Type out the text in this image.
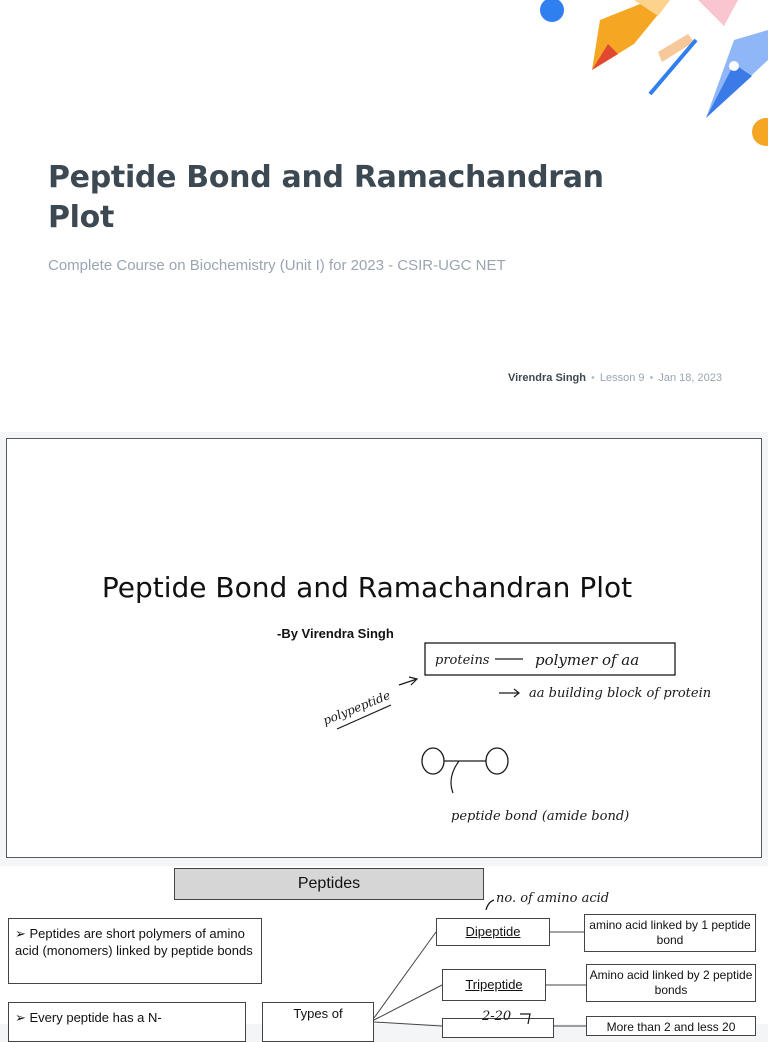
Peptide Bond and Ramachandran Plot
Complete Course on Biochemistry (Unit I) for 2023 - CSIR-UGC NET
Virendra Singh • Lesson 9 • Jan 18, 2023
Peptide Bond and Ramachandran Plot
-By Virendra Singh
proteins	polymer of aa
aa building block of protein
polypeptide
peptide bond (amide bond)
Peptides
➢ Peptides are short polymers of amino acid (monomers) linked by peptide bonds
➢ Every peptide has a N-	Types of
Dipeptide
Tripeptide
amino acid linked by 1 peptide bond
Amino acid linked by 2 peptide bonds
More than 2 and less 20
no. of amino acid
2-20
